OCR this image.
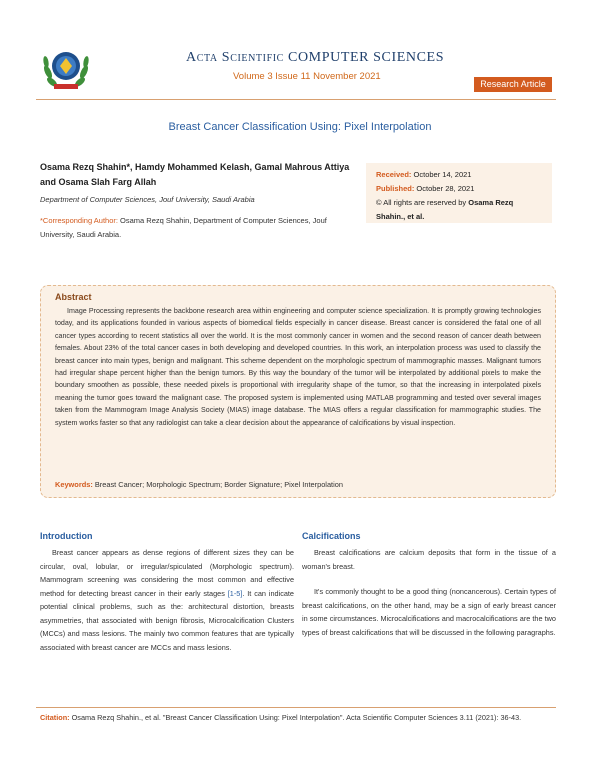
Acta Scientific COMPUTER SCIENCES
Volume 3 Issue 11 November 2021
Research Article
Breast Cancer Classification Using: Pixel Interpolation
Osama Rezq Shahin*, Hamdy Mohammed Kelash, Gamal Mahrous Attiya and Osama Slah Farg Allah
Department of Computer Sciences, Jouf University, Saudi Arabia
*Corresponding Author: Osama Rezq Shahin, Department of Computer Sciences, Jouf University, Saudi Arabia.
Received: October 14, 2021
Published: October 28, 2021
© All rights are reserved by Osama Rezq Shahin., et al.
Abstract
Image Processing represents the backbone research area within engineering and computer science specialization. It is promptly growing technologies today, and its applications founded in various aspects of biomedical fields especially in cancer disease. Breast cancer is considered the fatal one of all cancer types according to recent statistics all over the world. It is the most commonly cancer in women and the second reason of cancer death between females. About 23% of the total cancer cases in both developing and developed countries. In this work, an interpolation process was used to classify the breast cancer into main types, benign and malignant. This scheme dependent on the morphologic spectrum of mammographic masses. Malignant tumors had irregular shape percent higher than the benign tumors. By this way the boundary of the tumor will be interpolated by additional pixels to make the boundary smoothen as possible, these needed pixels is proportional with irregularity shape of the tumor, so that the increasing in interpolated pixels meaning the tumor goes toward the malignant case. The proposed system is implemented using MATLAB programming and tested over several images taken from the Mammogram Image Analysis Society (MIAS) image database. The MIAS offers a regular classification for mammographic studies. The system works faster so that any radiologist can take a clear decision about the appearance of calcifications by visual inspection.
Keywords: Breast Cancer; Morphologic Spectrum; Border Signature; Pixel Interpolation
Introduction

Breast cancer appears as dense regions of different sizes they can be circular, oval, lobular, or irregular/spiculated (Morphologic spectrum). Mammogram screening was considering the most common and effective method for detecting breast cancer in their early stages [1-5]. It can indicate potential clinical problems, such as the: architectural distortion, breasts asymmetries, that associated with benign fibrosis, Microcalcification Clusters (MCCs) and mass lesions. The mainly two common features that are typically associated with breast cancer are MCCs and mass lesions.

Calcifications

Breast calcifications are calcium deposits that form in the tissue of a woman's breast.

It's commonly thought to be a good thing (noncancerous). Certain types of breast calcifications, on the other hand, may be a sign of early breast cancer in some circumstances. Microcalcifications and macrocalcifications are the two types of breast calcifications that will be discussed in the following paragraphs.

Citation: Osama Rezq Shahin., et al. "Breast Cancer Classification Using: Pixel Interpolation". Acta Scientific Computer Sciences 3.11 (2021): 36-43.
